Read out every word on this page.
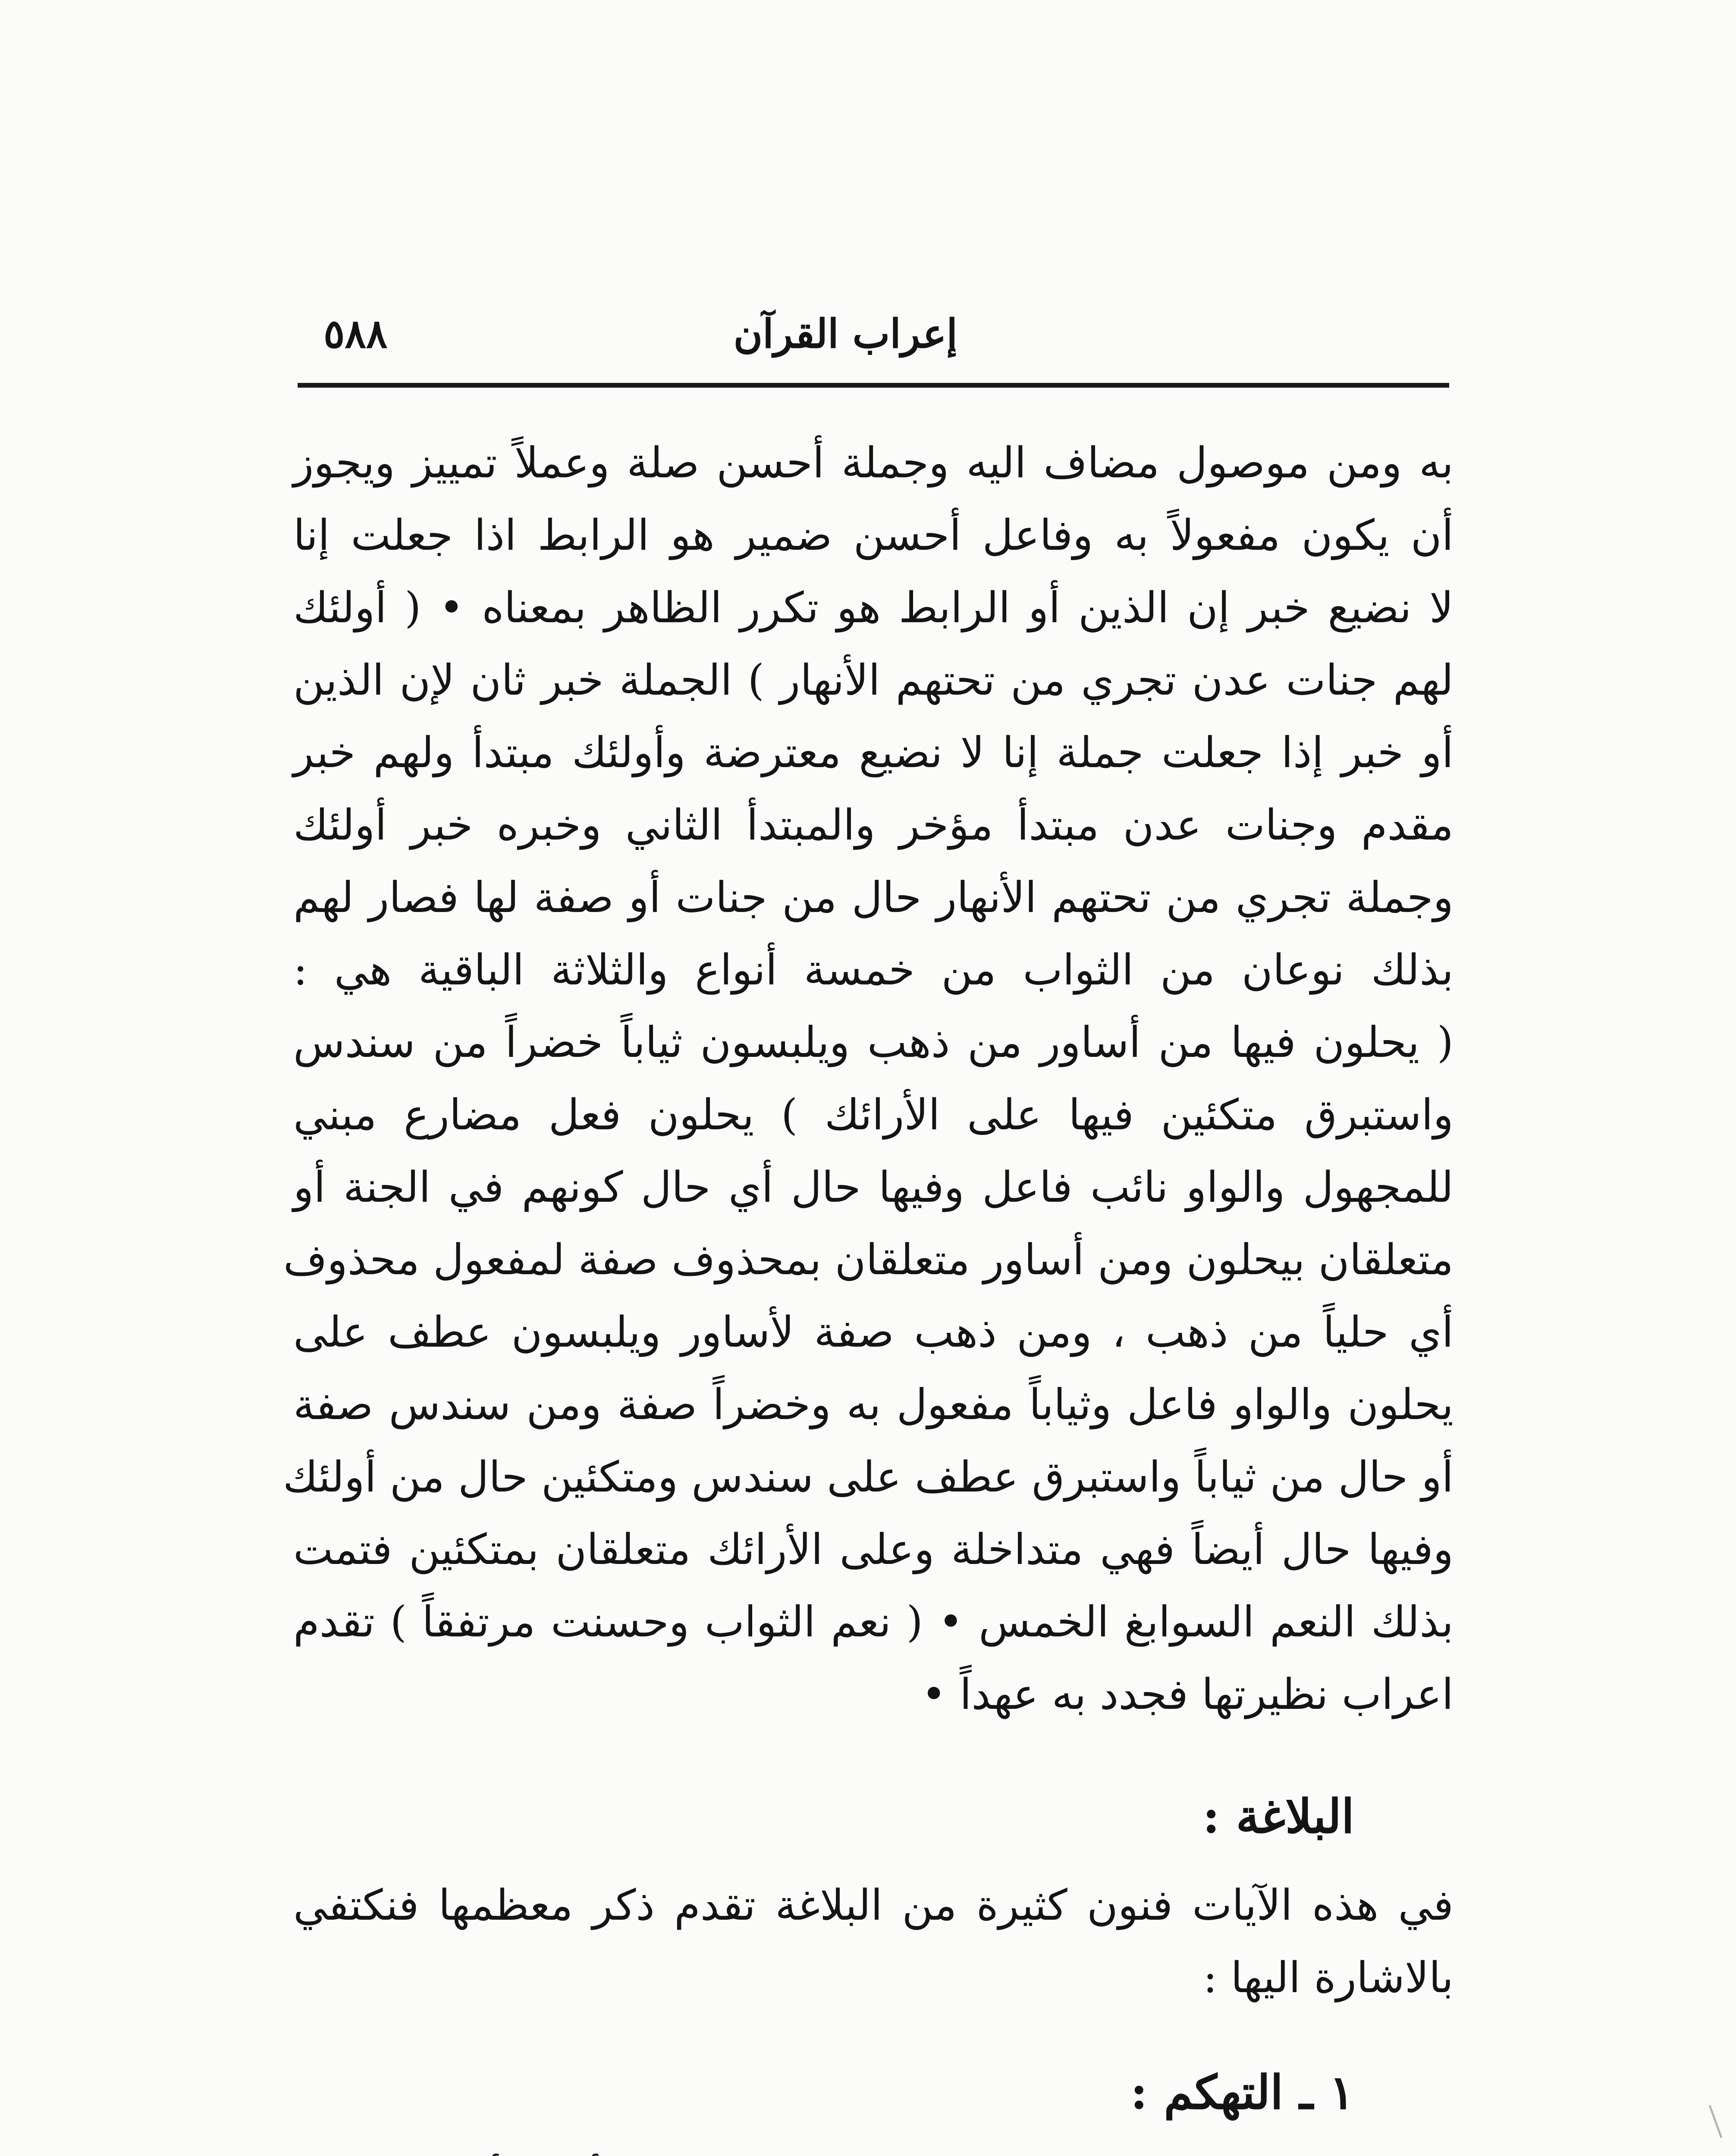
إعراب القرآن
٥٨٨
به ومن موصول مضاف اليه وجملة أحسن صلة وعملاً تمييز ويجوز
أن يكون مفعولاً به وفاعل أحسن ضمير هو الرابط اذا جعلت إنا
لا نضيع خبر إن الذين أو الرابط هو تكرر الظاهر بمعناه • ( أولئك
لهم جنات عدن تجري من تحتهم الأنهار ) الجملة خبر ثان لإن الذين
أو خبر إذا جعلت جملة إنا لا نضيع معترضة وأولئك مبتدأ ولهم خبر
مقدم وجنات عدن مبتدأ مؤخر والمبتدأ الثاني وخبره خبر أولئك
وجملة تجري من تحتهم الأنهار حال من جنات أو صفة لها فصار لهم
بذلك نوعان من الثواب من خمسة أنواع والثلاثة الباقية هي :
( يحلون فيها من أساور من ذهب ويلبسون ثياباً خضراً من سندس
واستبرق متكئين فيها على الأرائك ) يحلون فعل مضارع مبني
للمجهول والواو نائب فاعل وفيها حال أي حال كونهم في الجنة أو
متعلقان بيحلون ومن أساور متعلقان بمحذوف صفة لمفعول محذوف
أي حلياً من ذهب ، ومن ذهب صفة لأساور ويلبسون عطف على
يحلون والواو فاعل وثياباً مفعول به وخضراً صفة ومن سندس صفة
أو حال من ثياباً واستبرق عطف على سندس ومتكئين حال من أولئك
وفيها حال أيضاً فهي متداخلة وعلى الأرائك متعلقان بمتكئين فتمت
بذلك النعم السوابغ الخمس • ( نعم الثواب وحسنت مرتفقاً ) تقدم
اعراب نظيرتها فجدد به عهداً •
البلاغة :
في هذه الآيات فنون كثيرة من البلاغة تقدم ذكر معظمها فنكتفي
بالاشارة اليها :
١ ـ التهكم :
